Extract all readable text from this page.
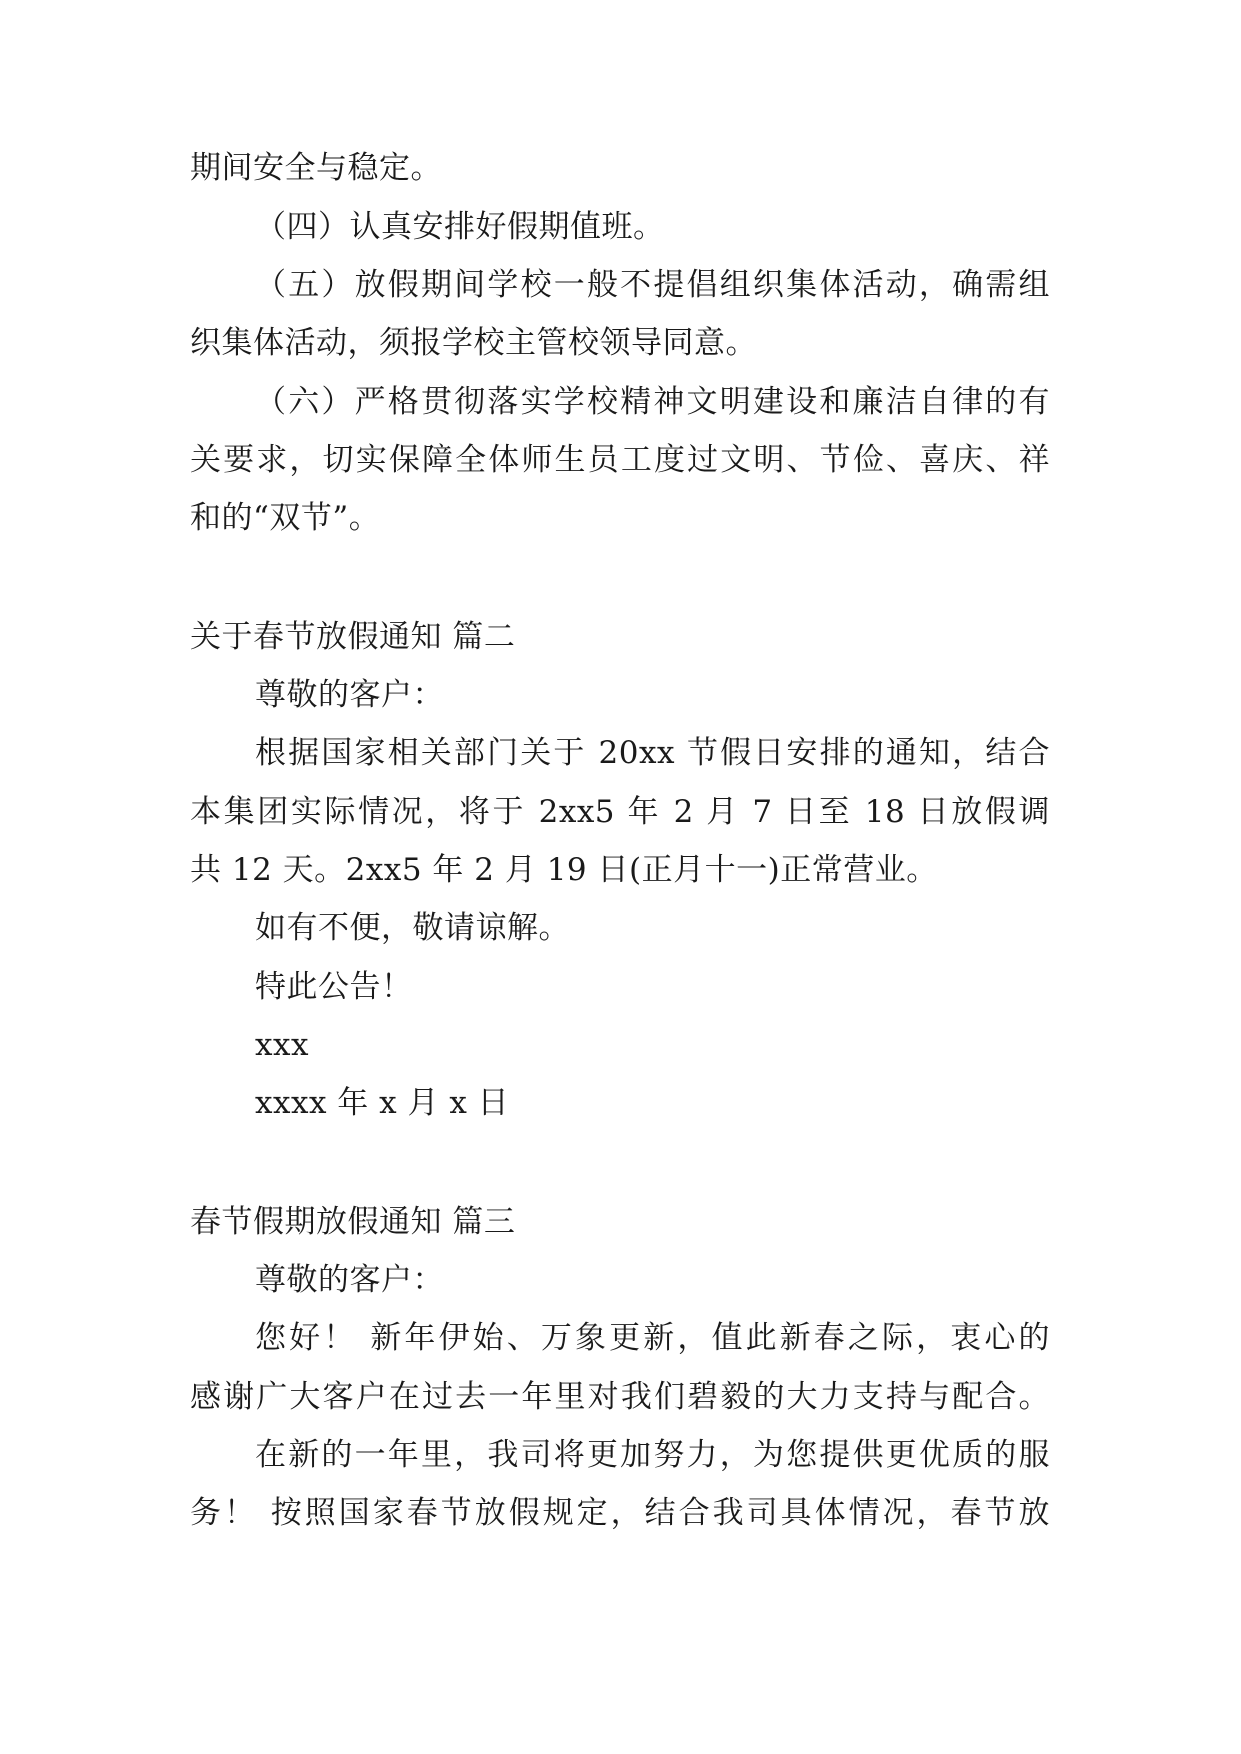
期间安全与稳定。
（四）认真安排好假期值班。
（五）放假期间学校一般不提倡组织集体活动，确需组
织集体活动，须报学校主管校领导同意。
（六）严格贯彻落实学校精神文明建设和廉洁自律的有
关要求，切实保障全体师生员工度过文明、节俭、喜庆、祥
和的“双节”。
关于春节放假通知 篇二
尊敬的客户：
根据国家相关部门关于 20xx 节假日安排的通知，结合
本集团实际情况，将于 2xx5 年 2 月 7 日至 18 日放假调
共 12 天。2xx5 年 2 月 19 日(正月十一)正常营业。
如有不便，敬请谅解。
特此公告！
xxx
xxxx 年 x 月 x 日
春节假期放假通知 篇三
尊敬的客户：
您好！ 新年伊始、万象更新，值此新春之际，衷心的
感谢广大客户在过去一年里对我们碧毅的大力支持与配合。
在新的一年里，我司将更加努力，为您提供更优质的服
务！ 按照国家春节放假规定，结合我司具体情况，春节放
